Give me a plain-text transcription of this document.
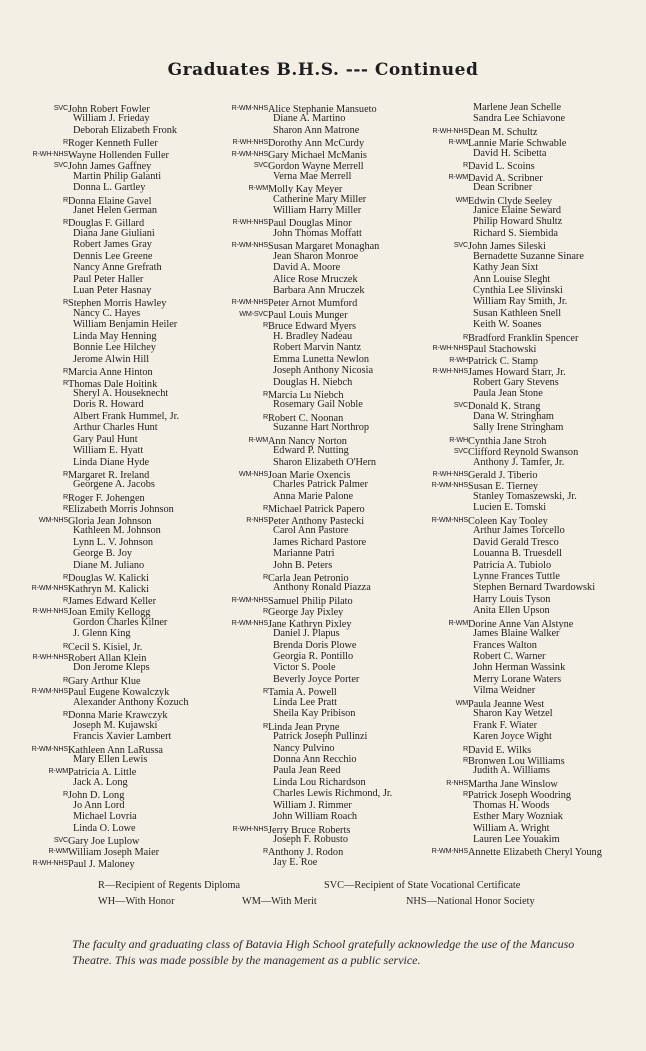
Graduates B.H.S. --- Continued
SVCJohn Robert Fowler
William J. Frieday
Deborah Elizabeth Fronk
RRoger Kenneth Fuller
R-WH-NHSWayne Hollenden Fuller
SVCJohn James Gaffney
Martin Philip Galanti
Donna L. Gartley
RDonna Elaine Gavel
Janet Helen German
RDouglas F. Gillard
Diana Jane Giuliani
Robert James Gray
Dennis Lee Greene
Nancy Anne Grefrath
Paul Peter Haller
Luan Peter Hasnay
RStephen Morris Hawley
Nancy C. Hayes
William Benjamin Heiler
Linda May Henning
Bonnie Lee Hilchey
Jerome Alwin Hill
RMarcia Anne Hinton
RThomas Dale Hoitink
Sheryl A. Houseknecht
Doris R. Howard
Albert Frank Hummel, Jr.
Arthur Charles Hunt
Gary Paul Hunt
William E. Hyatt
Linda Diane Hyde
RMargaret R. Ireland
Georgene A. Jacobs
RRoger F. Johengen
RElizabeth Morris Johnson
WM-NHSGloria Jean Johnson
Kathleen M. Johnson
Lynn L. V. Johnson
George B. Joy
Diane M. Juliano
RDouglas W. Kalicki
R-WM-NHSKathryn M. Kalicki
RJames Edward Keller
R-WH-NHSJoan Emily Kellogg
Gordon Charles Kilner
J. Glenn King
RCecil S. Kisiel, Jr.
R-WH-NHSRobert Allan Klein
Don Jerome Kleps
RGary Arthur Klue
R-WM-NHSPaul Eugene Kowalczyk
Alexander Anthony Kozuch
RDonna Marie Krawczyk
Joseph M. Kujawski
Francis Xavier Lambert
R-WM-NHSKathleen Ann LaRussa
Mary Ellen Lewis
R-WMPatricia A. Little
Jack A. Long
RJohn D. Long
Jo Ann Lord
Michael Lovria
Linda O. Lowe
SVCGary Joe Luplow
R-WMWilliam Joseph Maier
R-WH-NHSPaul J. Maloney
R-WM-NHSAlice Stephanie Mansueto
Diane A. Martino
Sharon Ann Matrone
R-WH-NHSDorothy Ann McCurdy
R-WM-NHSGary Michael McManis
SVCGordon Wayne Merrell
Verna Mae Merrell
R-WMMolly Kay Meyer
Catherine Mary Miller
William Harry Miller
R-WH-NHSPaul Douglas Minor
John Thomas Moffatt
R-WM-NHSSusan Margaret Monaghan
Jean Sharon Monroe
David A. Moore
Alice Rose Mruczek
Barbara Ann Mruczek
R-WM-NHSPeter Arnot Mumford
WM-SVCPaul Louis Munger
RBruce Edward Myers
H. Bradley Nadeau
Robert Marvin Nantz
Emma Lunetta Newlon
Joseph Anthony Nicosia
Douglas H. Niebch
RMarcia Lu Niebch
Rosemary Gail Noble
RRobert C. Noonan
Suzanne Hart Northrop
R-WMAnn Nancy Norton
Edward P. Nutting
Sharon Elizabeth O'Hern
WM-NHSJoan Marie Oxencis
Charles Patrick Palmer
Anna Marie Palone
RMichael Patrick Papero
R-NHSPeter Anthony Pastecki
Carol Ann Pastore
James Richard Pastore
Marianne Patri
John B. Peters
RCarla Jean Petronio
Anthony Ronald Piazza
R-WM-NHSSamuel Philip Pilato
RGeorge Jay Pixley
R-WM-NHSJane Kathryn Pixley
Daniel J. Plapus
Brenda Doris Plowe
Georgia R. Pontillo
Victor S. Poole
Beverly Joyce Porter
RTamia A. Powell
Linda Lee Pratt
Sheila Kay Pribison
RLinda Jean Pryne
Patrick Joseph Pullinzi
Nancy Pulvino
Donna Ann Recchio
Paula Jean Reed
Linda Lou Richardson
Charles Lewis Richmond, Jr.
William J. Rimmer
John William Roach
R-WH-NHSJerry Bruce Roberts
Joseph F. Robusto
RAnthony J. Rodon
Jay E. Roe
Marlene Jean Schelle
Sandra Lee Schiavone
R-WH-NHSDean M. Schultz
R-WMLannie Marie Schwable
David H. Scibetta
RDavid L. Scoins
R-WMDavid A. Scribner
Dean Scribner
WMEdwin Clyde Seeley
Janice Elaine Seward
Philip Howard Shultz
Richard S. Siembida
SVCJohn James Sileski
Bernadette Suzanne Sinare
Kathy Jean Sixt
Ann Louise Sleght
Cynthia Lee Slivinski
William Ray Smith, Jr.
Susan Kathleen Snell
Keith W. Soanes
RBradford Franklin Spencer
R-WH-NHSPaul Stachowski
R-WHPatrick C. Stamp
R-WH-NHSJames Howard Starr, Jr.
Robert Gary Stevens
Paula Jean Stone
SVCDonald K. Strang
Dana W. Stringham
Sally Irene Stringham
R-WHCynthia Jane Stroh
SVCClifford Reynold Swanson
Anthony J. Tamfer, Jr.
R-WH-NHSGerald J. Tiberio
R-WM-NHSSusan E. Tierney
Stanley Tomaszewski, Jr.
Lucien E. Tomski
R-WM-NHSColeen Kay Tooley
Arthur James Torcello
David Gerald Tresco
Louanna B. Truesdell
Patricia A. Tubiolo
Lynne Frances Tuttle
Stephen Bernard Twardowski
Harry Louis Tyson
Anita Ellen Upson
R-WMDorine Anne Van Alstyne
James Blaine Walker
Frances Walton
Robert C. Warner
John Herman Wassink
Merry Lorane Waters
Vilma Weidner
WMPaula Jeanne West
Sharon Kay Wetzel
Frank F. Wiater
Karen Joyce Wight
RDavid E. Wilks
RBronwen Lou Williams
Judith A. Williams
R-NHSMartha Jane Winslow
RPatrick Joseph Woodring
Thomas H. Woods
Esther Mary Wozniak
William A. Wright
Lauren Lee Youakim
R-WM-NHSAnnette Elizabeth Cheryl Young
R—Recipient of Regents Diploma	SVC—Recipient of State Vocational Certificate
WH—With Honor	WM—With Merit	NHS—National Honor Society
The faculty and graduating class of Batavia High School gratefully acknowledge the use of the Mancuso Theatre. This was made possible by the management as a public service.
